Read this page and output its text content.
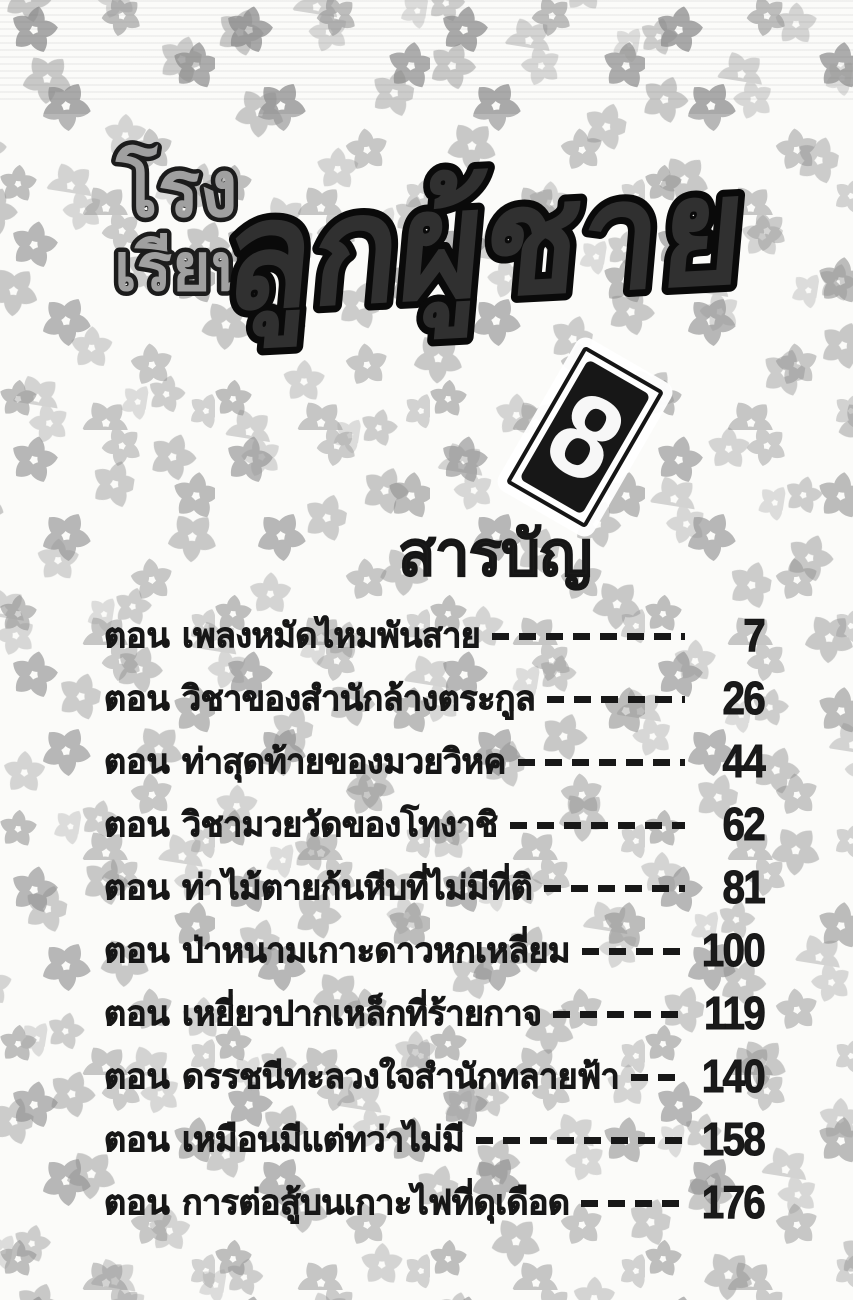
โรง
เรียน
ลูกผู้ชาย
8
สารบัญ
ตอน เพลงหมัดไหมพันสาย	7
ตอน วิชาของสำนักล้างตระกูล	26
ตอน ท่าสุดท้ายของมวยวิหค	44
ตอน วิชามวยวัดของโทงาชิ	62
ตอน ท่าไม้ตายก้นหีบที่ไม่มีที่ติ	81
ตอน ป่าหนามเกาะดาวหกเหลี่ยม	100
ตอน เหยี่ยวปากเหล็กที่ร้ายกาจ	119
ตอน ดรรชนีทะลวงใจสำนักทลายฟ้า 140
ตอน เหมือนมีแต่ทว่าไม่มี	158
ตอน การต่อสู้บนเกาะไฟที่ดุเดือด	176
